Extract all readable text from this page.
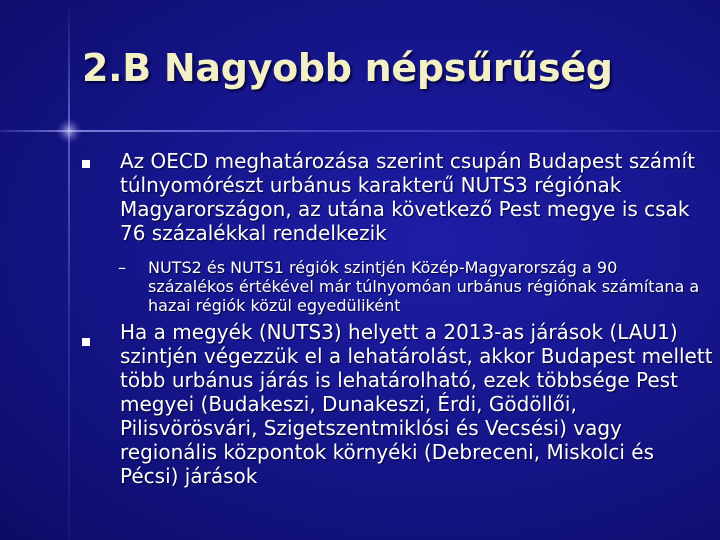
2.B Nagyobb népsűrűség
Az OECD meghatározása szerint csupán Budapest számít túlnyomórészt urbánus karakterű NUTS3 régiónak Magyarországon, az utána következő Pest megye is csak 76 százalékkal rendelkezik
– NUTS2 és NUTS1 régiók szintjén Közép-Magyarország a 90 százalékos értékével már túlnyomóan urbánus régiónak számítana a hazai régiók közül egyedüliként
Ha a megyék (NUTS3) helyett a 2013-as járások (LAU1) szintjén végezzük el a lehatárolást, akkor Budapest mellett több urbánus járás is lehatárolható, ezek többsége Pest megyei (Budakeszi, Dunakeszi, Érdi, Gödöllői, Pilisvörösvári, Szigetszentmiklósi és Vecsési) vagy regionális központok környéki (Debreceni, Miskolci és Pécsi) járások
